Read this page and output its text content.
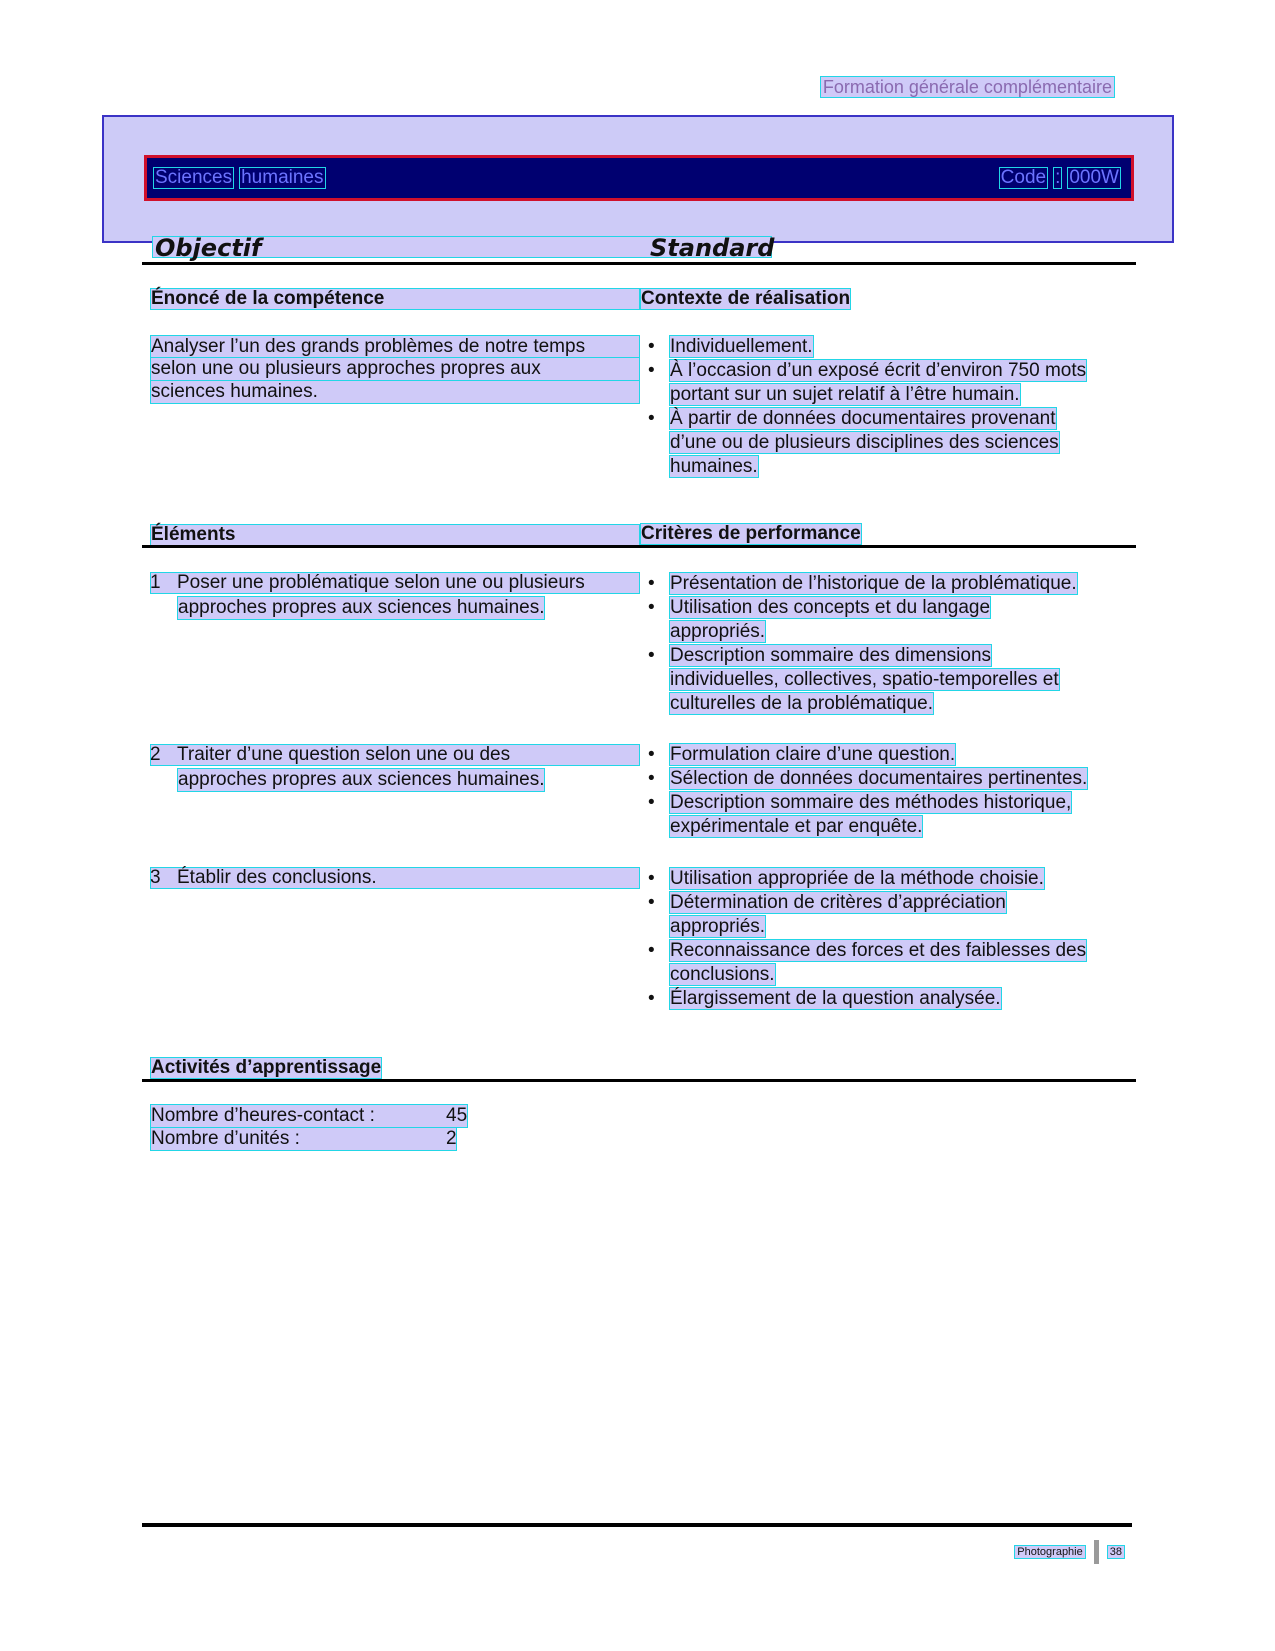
Formation générale complémentaire
Sciences humaines	Code : 000W
Objectif	Standard
Énoncé de la compétence	Contexte de réalisation
Analyser l’un des grands problèmes de notre temps
selon une ou plusieurs approches propres aux
sciences humaines.
• Individuellement.
• À l’occasion d’un exposé écrit d’environ 750 mots
portant sur un sujet relatif à l’être humain.
• À partir de données documentaires provenant
d’une ou de plusieurs disciplines des sciences
humaines.
Éléments	Critères de performance
1 Poser une problématique selon une ou plusieurs
approches propres aux sciences humaines.
• Présentation de l’historique de la problématique.
• Utilisation des concepts et du langage
appropriés.
• Description sommaire des dimensions
individuelles, collectives, spatio-temporelles et
culturelles de la problématique.
2 Traiter d’une question selon une ou des
approches propres aux sciences humaines.
• Formulation claire d’une question.
• Sélection de données documentaires pertinentes.
• Description sommaire des méthodes historique,
expérimentale et par enquête.
3 Établir des conclusions.
•	Utilisation appropriée de la méthode choisie.
• Détermination de critères d’appréciation
appropriés.
• Reconnaissance des forces et des faiblesses des
conclusions.
• Élargissement de la question analysée.
Activités d’apprentissage
Nombre d’heures-contact :	45
Nombre d’unités :	2
Photographie 38
